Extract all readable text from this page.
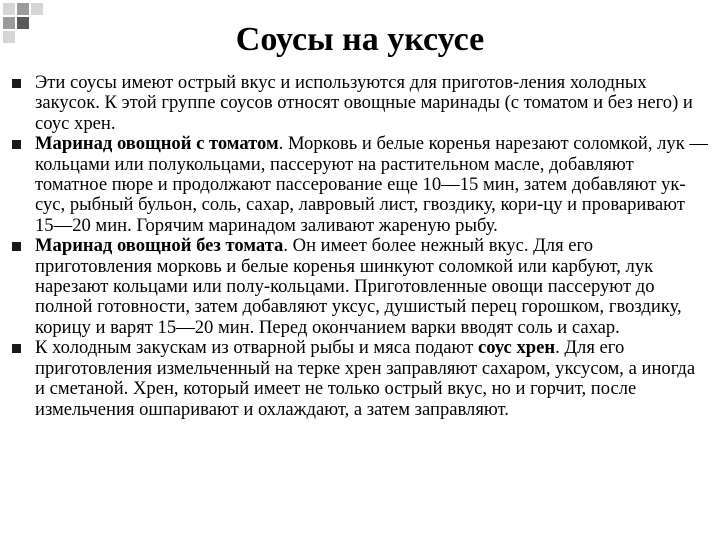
Соусы на уксусе
Эти соусы имеют острый вкус и используются для приготов-ления холодных закусок. К этой группе соусов относят овощные маринады (с томатом и без него) и соус хрен.
Маринад овощной с томатом. Морковь и белые коренья нарезают соломкой, лук — кольцами или полукольцами, пассеруют на растительном масле, добавляют томатное пюре и продолжают пассерование еще 10—15 мин, затем добавляют ук-сус, рыбный бульон, соль, сахар, лавровый лист, гвоздику, кори-цу и проваривают 15—20 мин. Горячим маринадом заливают жареную рыбу.
Маринад овощной без томата. Он имеет более нежный вкус. Для его приготовления морковь и белые коренья шинкуют соломкой или карбуют, лук нарезают кольцами или полу-кольцами. Приготовленные овощи пассеруют до полной готовности, затем добавляют уксус, душистый перец горошком, гвоздику, корицу и варят 15—20 мин. Перед окончанием варки вводят соль и сахар.
К холодным закускам из отварной рыбы и мяса подают соус хрен. Для его приготовления измельченный на терке хрен заправляют сахаром, уксусом, а иногда и сметаной. Хрен, который имеет не только острый вкус, но и горчит, после измельчения ошпаривают и охлаждают, а затем заправляют.
